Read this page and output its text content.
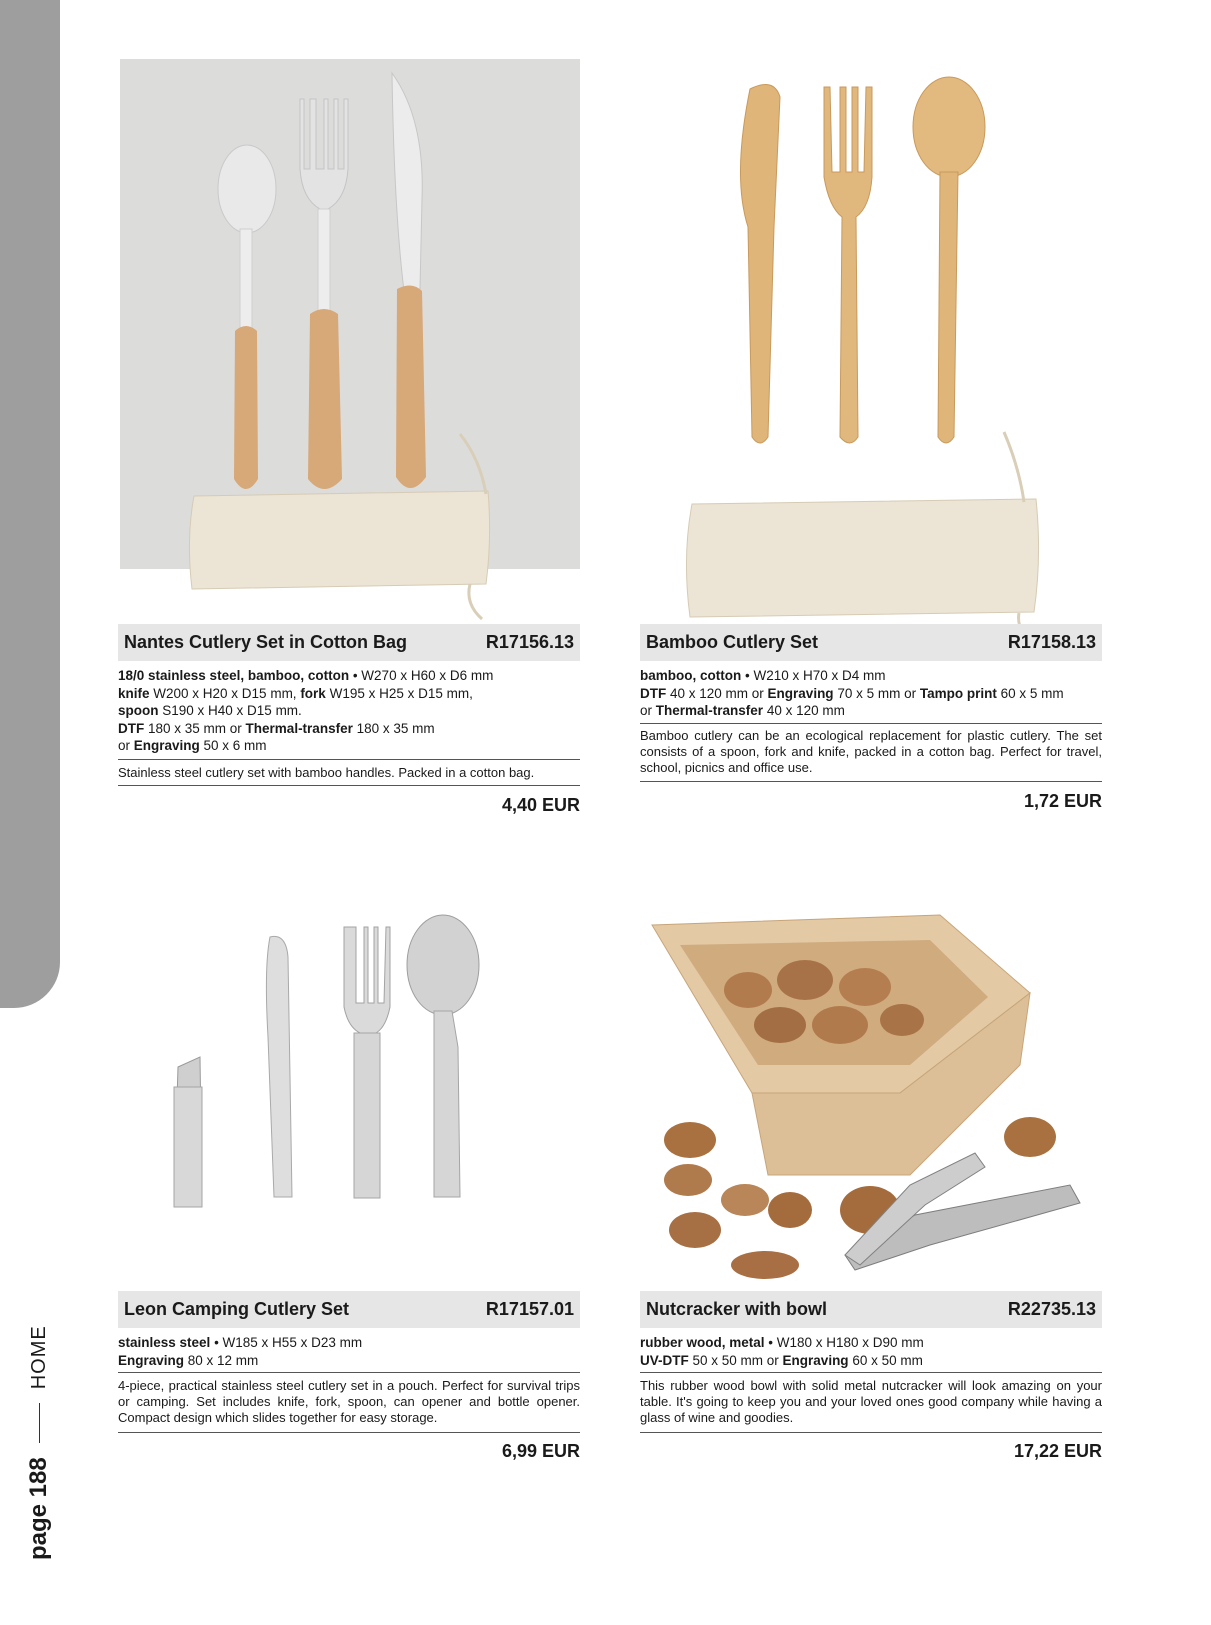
page 188
HOME
Nantes Cutlery Set in Cotton Bag	R17156.13
18/0 stainless steel, bamboo, cotton • W270 x H60 x D6 mm
knife W200 x H20 x D15 mm, fork W195 x H25 x D15 mm,
spoon S190 x H40 x D15 mm.
DTF 180 x 35 mm or Thermal-transfer 180 x 35 mm
or Engraving 50 x 6 mm
Stainless steel cutlery set with bamboo handles. Packed in a cotton bag.
4,40 EUR
Bamboo Cutlery Set	R17158.13
bamboo, cotton • W210 x H70 x D4 mm
DTF 40 x 120 mm or Engraving 70 x 5 mm or Tampo print 60 x 5 mm
or Thermal-transfer 40 x 120 mm
Bamboo cutlery can be an ecological replacement for plastic cutlery. The set consists of a spoon, fork and knife, packed in a cotton bag. Perfect for travel, school, picnics and office use.
1,72 EUR
Leon Camping Cutlery Set	R17157.01
stainless steel • W185 x H55 x D23 mm
Engraving 80 x 12 mm
4-piece, practical stainless steel cutlery set in a pouch. Perfect for survival trips or camping. Set includes knife, fork, spoon, can opener and bottle opener. Compact design which slides together for easy storage.
6,99 EUR
Nutcracker with bowl	R22735.13
rubber wood, metal • W180 x H180 x D90 mm
UV-DTF 50 x 50 mm or Engraving 60 x 50 mm
This rubber wood bowl with solid metal nutcracker will look amazing on your table. It's going to keep you and your loved ones good company while having a glass of wine and goodies.
17,22 EUR
